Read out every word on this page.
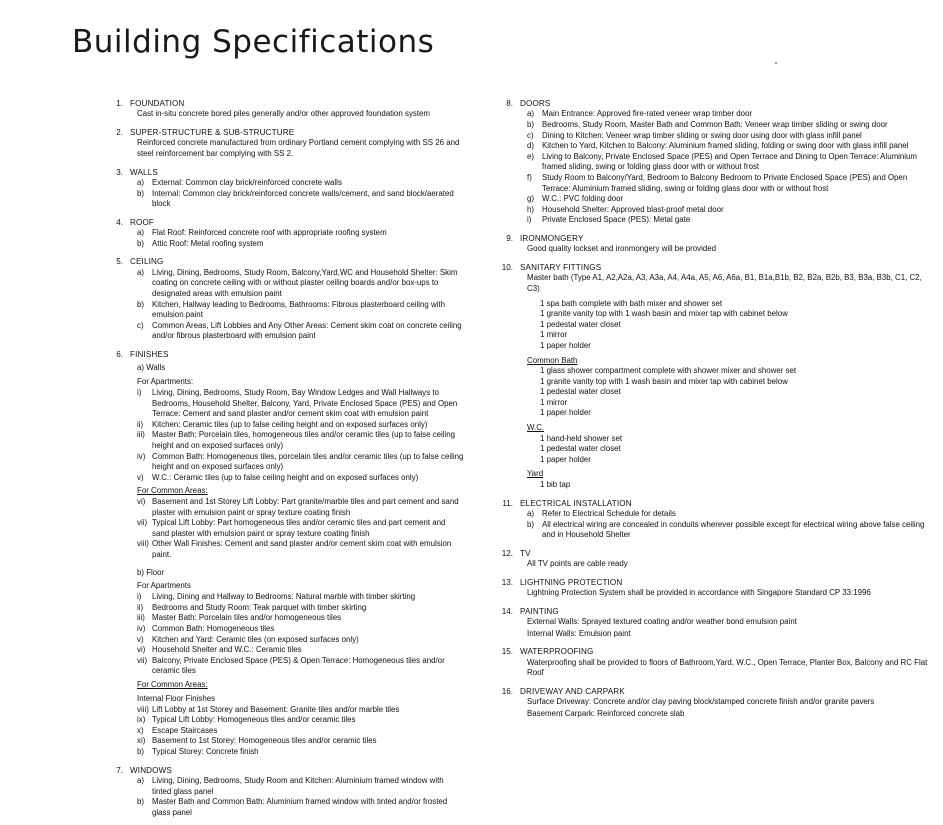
Building Specifications
1. FOUNDATION
Cast in-situ concrete bored piles generally and/or other approved foundation system
2. SUPER-STRUCTURE & SUB-STRUCTURE
Reinforced concrete manufactured from ordinary Portland cement complying with SS 26 and steel reinforcement bar complying with SS 2.
3. WALLS
a)	External: Common clay brick/reinforced concrete walls
b)	Internal: Common clay brick/reinforced concrete walls/cement, and sand block/aerated block
4. ROOF
a)	Flat Roof: Reinforced concrete roof with appropriate roofing system
b)	Attic Roof: Metal roofing system
5. CEILING
a)	Living, Dining, Bedrooms, Study Room, Balcony,Yard,WC and Household Shelter: Skim coating on concrete ceiling with or without plaster ceiling boards and/or box-ups to designated areas with emulsion paint
b)	Kitchen, Hallway leading to Bedrooms, Bathrooms: Fibrous plasterboard ceiling with emulsion paint
c)	Common Areas, Lift Lobbies and Any Other Areas: Cement skim coat on concrete ceiling and/or fibrous plasterboard with emulsion paint
6. FINISHES
a) Walls
For Apartments:
i)	Living, Dining, Bedrooms, Study Room, Bay Window Ledges and Wall Hallways to Bedrooms, Household Shelter, Balcony, Yard, Private Enclosed Space (PES) and Open Terrace: Cement and sand plaster and/or cement skim coat with emulsion paint
ii)	Kitchen: Ceramic tiles (up to false ceiling height and on exposed surfaces only)
iii) Master Bath: Porcelain tiles, homogeneous tiles and/or ceramic tiles (up to false ceiling height and on exposed surfaces only)
iv) Common Bath: Homogeneous tiles, porcelain tiles and/or ceramic tiles (up to false ceiling height and on exposed surfaces only)
v)	W.C.: Ceramic tiles (up to false ceiling height and on exposed surfaces only)
For Common Areas:
vi) Basement and 1st Storey Lift Lobby: Part granite/marble tiles and part cement and sand plaster with emulsion paint or spray texture coating finish
vii) Typical Lift Lobby: Part homogeneous tiles and/or ceramic tiles and part cement and sand plaster with emulsion paint or spray texture coating finish
viii) Other Wall Finishes: Cement and sand plaster and/or cement skim coat with emulsion paint.
b) Floor
For Apartments
i)	Living, Dining and Hallway to Bedrooms: Natural marble with timber skirting
ii)	Bedrooms and Study Room: Teak parquet with timber skirting
iii) Master Bath: Porcelain tiles and/or homogeneous tiles
iv) Common Bath: Homogeneous tiles
v)	Kitchen and Yard: Ceramic tiles (on exposed surfaces only)
vi) Household Shelter and W.C.: Ceramic tiles
vii) Balcony, Private Enclosed Space (PES) & Open Terrace: Homogeneous tiles and/or ceramic tiles
For Common Areas:
Internal Floor Finishes
viii) Lift Lobby at 1st Storey and Basement: Granite tiles and/or marble tiles
ix) Typical Lift Lobby: Homogeneous tiles and/or ceramic tiles
x)	Escape Staircases
xi) Basement to 1st Storey: Homogeneous tiles and/or ceramic tiles
b)	Typical Storey: Concrete finish
7. WINDOWS
a)	Living, Dining, Bedrooms, Study Room and Kitchen: Aluminium framed window with tinted glass panel
b)	Master Bath and Common Bath: Aluminium framed window with tinted and/or frosted glass panel
8. DOORS
a)	Main Entrance: Approved fire-rated veneer wrap timber door
b)	Bedrooms, Study Room, Master Bath and Common Bath: Veneer wrap timber sliding or swing door
c)	Dining to Kitchen: Veneer wrap timber sliding or swing door using door with glass infill panel
d)	Kitchen to Yard, Kitchen to Balcony: Aluminium framed sliding, folding or swing door with glass infill panel
e)	Living to Balcony, Private Enclosed Space (PES) and Open Terrace and Dining to Open Terrace: Aluminium framed sliding, swing or folding glass door with or without frost
f)	Study Room to Balcony/Yard, Bedroom to Balcony Bedroom to Private Enclosed Space (PES) and Open Terrace: Aluminium framed sliding, swing or folding glass door with or without frost
g)	W.C.: PVC folding door
h)	Household Shelter: Approved blast-proof metal door
i)	Private Enclosed Space (PES): Metal gate
9. IRONMONGERY
Good quality lockset and ironmongery will be provided
10. SANITARY FITTINGS
Master bath (Type A1, A2,A2a, A3, A3a, A4, A4a, A5, A6, A6a, B1, B1a,B1b, B2, B2a, B2b, B3, B3a, B3b, C1, C2, C3)
1 spa bath complete with bath mixer and shower set
1 granite vanity top with 1 wash basin and mixer tap with cabinet below
1 pedestal water closet
1 mirror
1 paper holder
Common Bath
1 glass shower compartment complete with shower mixer and shower set
1 granite vanity top with 1 wash basin and mixer tap with cabinet below
1 pedestal water closet
1 mirror
1 paper holder
W.C.
1 hand-held shower set
1 pedestal water closet
1 paper holder
Yard
1 bib tap
11. ELECTRICAL INSTALLATION
a)	Refer to Electrical Schedule for details
b)	All electrical wiring are concealed in conduits wherever possible except for electrical wiring above false ceiling and in Household Shelter
12. TV
All TV points are cable ready
13. LIGHTNING PROTECTION
Lightning Protection System shall be provided in accordance with Singapore Standard CP 33:1996
14. PAINTING
External Walls: Sprayed textured coating and/or weather bond emulsion paint
Internal Walls: Emulsion paint
15. WATERPROOFING
Waterproofing shall be provided to floors of Bathroom,Yard, W.C., Open Terrace, Planter Box, Balcony and RC Flat Roof
16. DRIVEWAY AND CARPARK
Surface Driveway: Concrete and/or clay paving block/stamped concrete finish and/or granite pavers
Basement Carpark: Reinforced concrete slab
